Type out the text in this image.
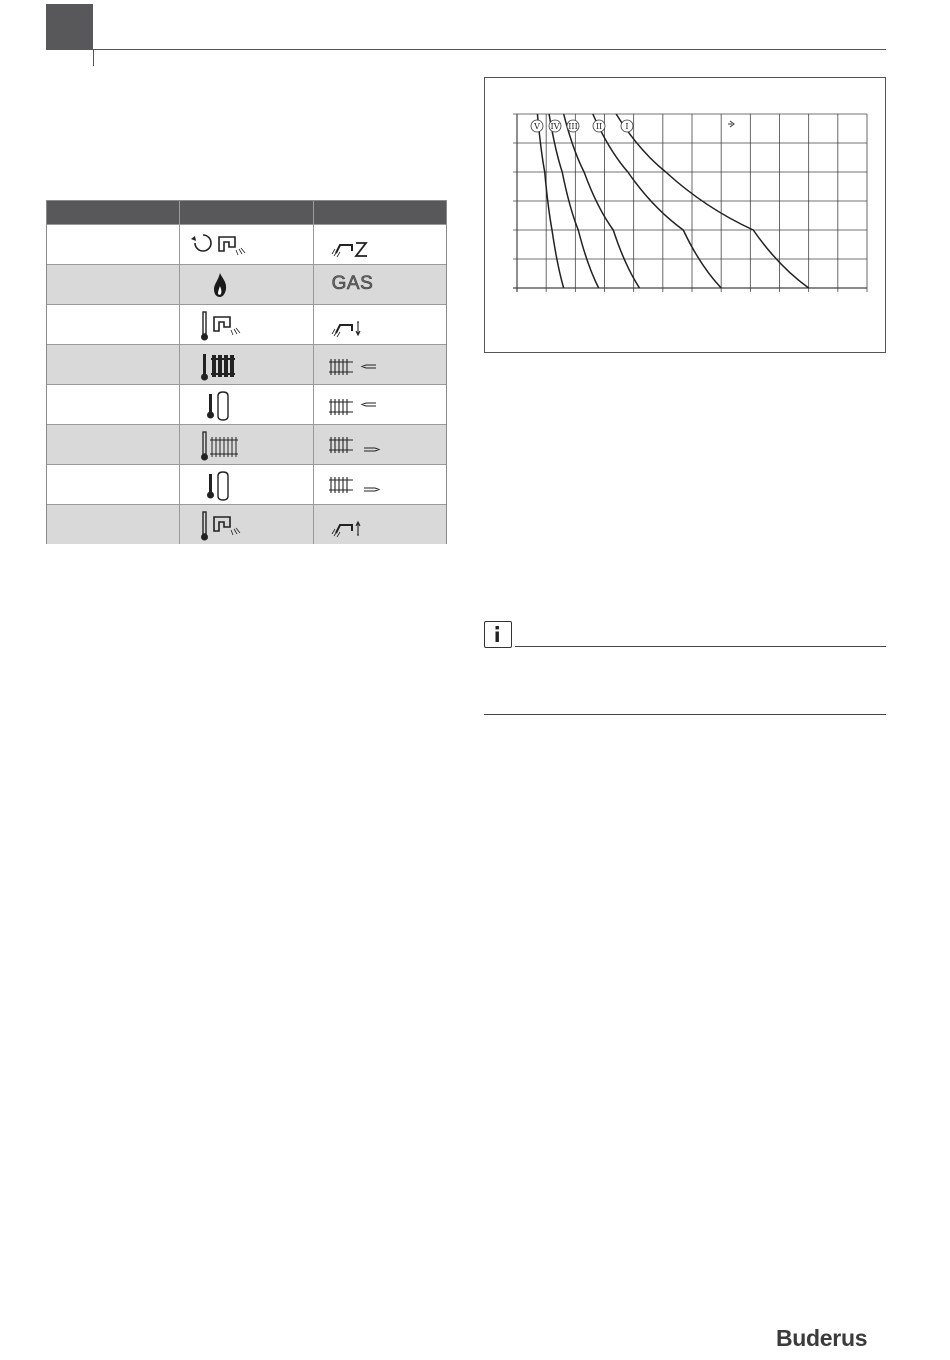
GAS
V IV III II	I
Buderus
